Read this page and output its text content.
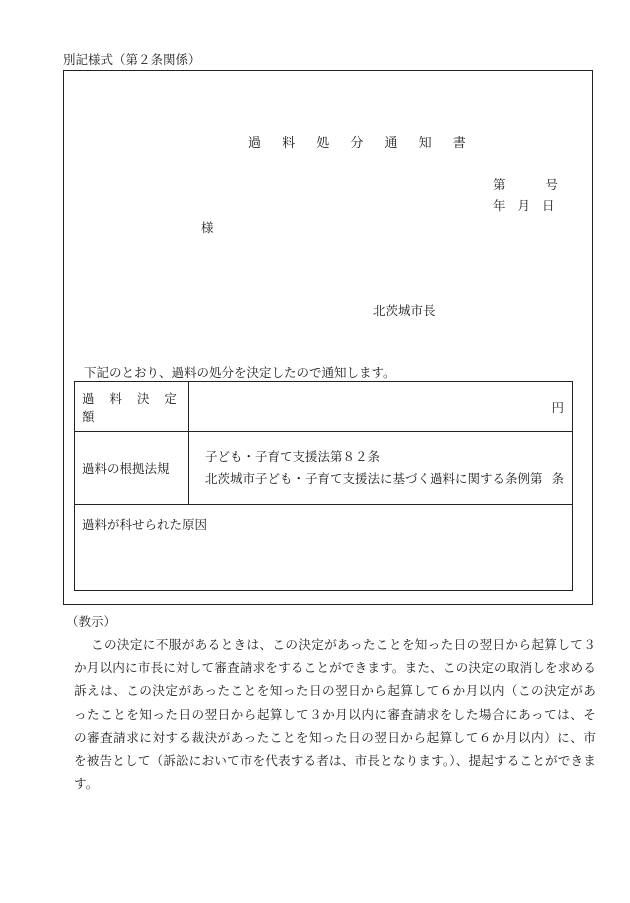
別記様式（第２条関係）
過 料 処 分 通 知 書
第	号
年 月 日
様
北茨城市長
下記のとおり、過料の処分を決定したので通知します。
過 料 決 定 額	円
過料の根拠法規	子ども・子育て支援法第８２条
北茨城市子ども・子育て支援法に基づく過料に関する条例第 条

過料が科せられた原因	
（教示）
この決定に不服があるときは、この決定があったことを知った日の翌日から起算して３か月以内に市長に対して審査請求をすることができます。また、この決定の取消しを求める訴えは、この決定があったことを知った日の翌日から起算して６か月以内（この決定があったことを知った日の翌日から起算して３か月以内に審査請求をした場合にあっては、その審査請求に対する裁決があったことを知った日の翌日から起算して６か月以内）に、市を被告として（訴訟において市を代表する者は、市長となります。）、提起することができます。
